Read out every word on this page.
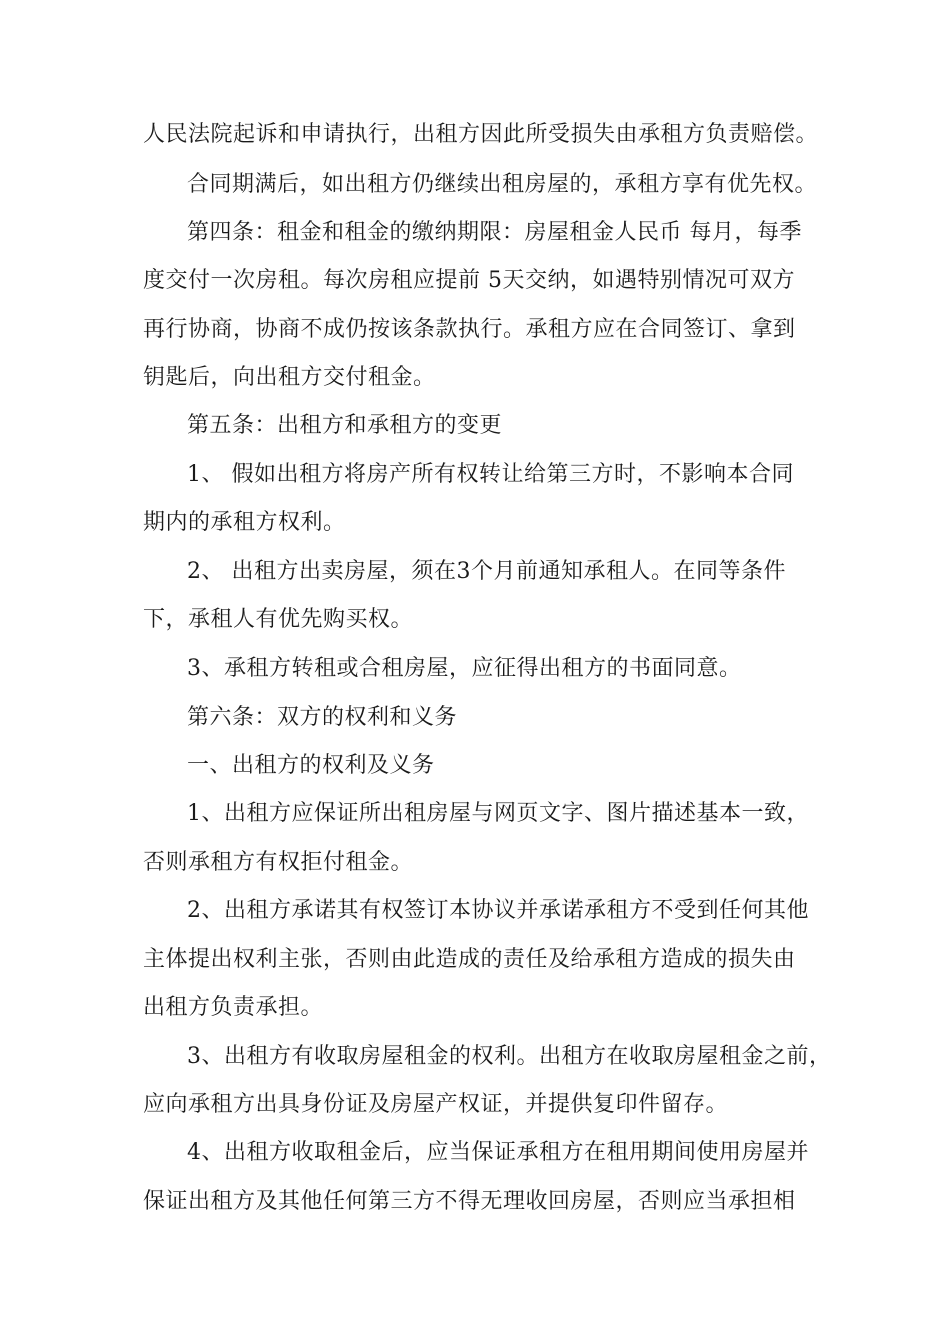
人民法院起诉和申请执行，出租方因此所受损失由承租方负责赔偿。
合同期满后，如出租方仍继续出租房屋的，承租方享有优先权。
第四条：租金和租金的缴纳期限：房屋租金人民币 每月，每季
度交付一次房租。每次房租应提前 5天交纳，如遇特别情况可双方
再行协商，协商不成仍按该条款执行。承租方应在合同签订、拿到
钥匙后，向出租方交付租金。
第五条：出租方和承租方的变更
1、 假如出租方将房产所有权转让给第三方时，不影响本合同
期内的承租方权利。
2、 出租方出卖房屋，须在3个月前通知承租人。在同等条件
下，承租人有优先购买权。
3、承租方转租或合租房屋，应征得出租方的书面同意。
第六条：双方的权利和义务
一、出租方的权利及义务
1、出租方应保证所出租房屋与网页文字、图片描述基本一致，
否则承租方有权拒付租金。
2、出租方承诺其有权签订本协议并承诺承租方不受到任何其他
主体提出权利主张，否则由此造成的责任及给承租方造成的损失由
出租方负责承担。
3、出租方有收取房屋租金的权利。出租方在收取房屋租金之前，
应向承租方出具身份证及房屋产权证，并提供复印件留存。
4、出租方收取租金后，应当保证承租方在租用期间使用房屋并
保证出租方及其他任何第三方不得无理收回房屋，否则应当承担相
